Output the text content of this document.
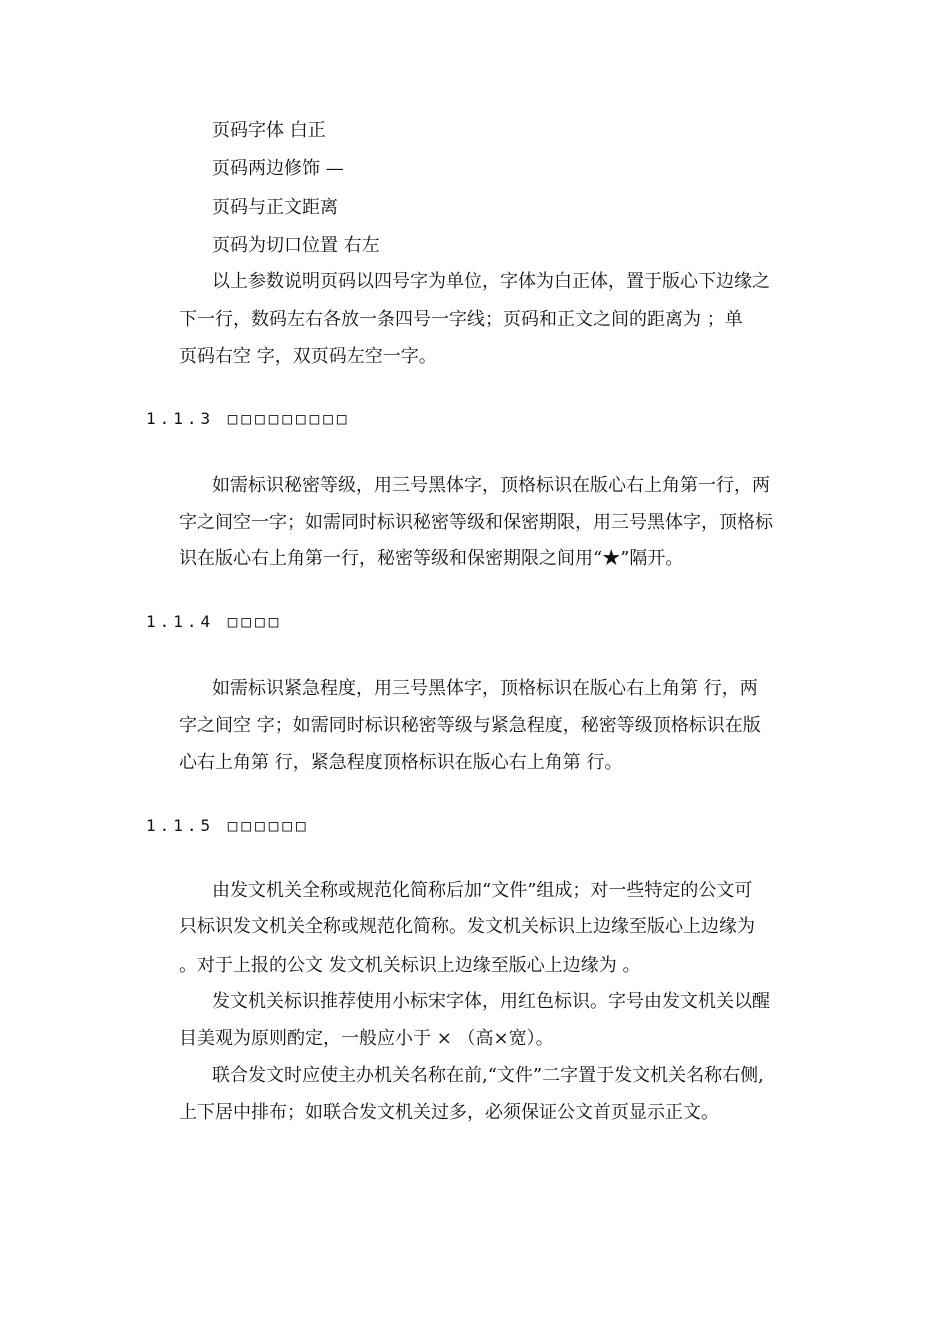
页码字体 白正
页码两边修饰 —
页码与正文距离
页码为切口位置 右左
以上参数说明页码以四号字为单位，字体为白正体，置于版心下边缘之
下一行，数码左右各放一条四号一字线；页码和正文之间的距离为 ；单
页码右空 字，双页码左空一字。
1.1.3 □□□□□□□□□
如需标识秘密等级，用三号黑体字，顶格标识在版心右上角第一行，两
字之间空一字；如需同时标识秘密等级和保密期限，用三号黑体字，顶格标
识在版心右上角第一行，秘密等级和保密期限之间用“★”隔开。
1.1.4 □□□□
如需标识紧急程度，用三号黑体字，顶格标识在版心右上角第 行，两
字之间空 字；如需同时标识秘密等级与紧急程度，秘密等级顶格标识在版
心右上角第 行，紧急程度顶格标识在版心右上角第 行。
1.1.5 □□□□□□
由发文机关全称或规范化简称后加“文件”组成；对一些特定的公文可
只标识发文机关全称或规范化简称。发文机关标识上边缘至版心上边缘为
。对于上报的公文 发文机关标识上边缘至版心上边缘为 。
发文机关标识推荐使用小标宋字体，用红色标识。字号由发文机关以醒
目美观为原则酌定，一般应小于 × （高×宽）。
联合发文时应使主办机关名称在前,“文件”二字置于发文机关名称右侧,
上下居中排布；如联合发文机关过多，必须保证公文首页显示正文。
